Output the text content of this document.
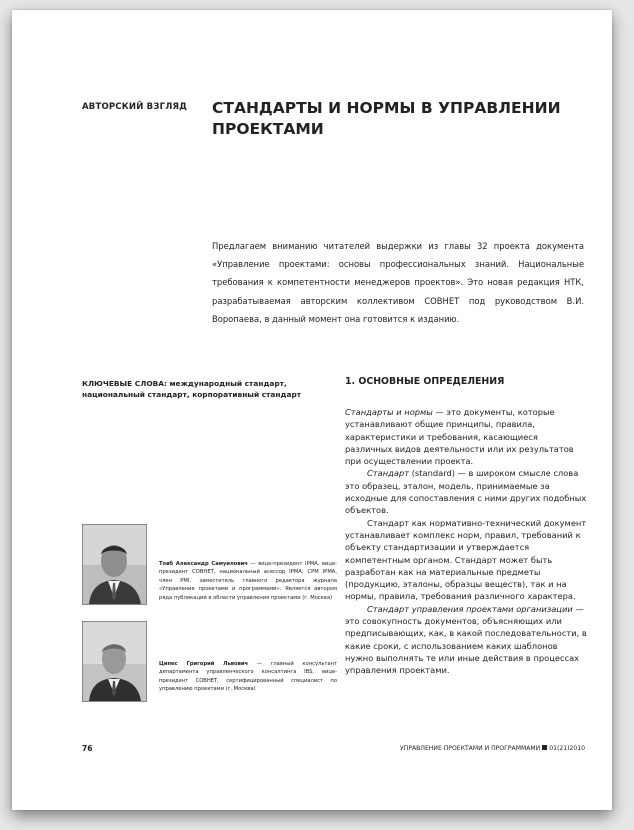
АВТОРСКИЙ ВЗГЛЯД СТАНДАРТЫ И НОРМЫ В УПРАВЛЕНИИ
ПРОЕКТАМИ
Предлагаем вниманию читателей выдержки из главы 32 проекта документа «Управление проектами: основы профессиональных знаний. Национальные требования к компетентности менеджеров проектов». Это новая редакция НТК, разрабатываемая авторским коллективом СОВНЕТ под руководством В.И. Воропаева, в данный момент она готовится к изданию.
КЛЮЧЕВЫЕ СЛОВА: международный стандарт, национальный стандарт, корпоративный стандарт
Товб Александр Самуилович — вице-президент IPMA, вице-президент СОВНЕТ, национальный асессор IPMA, CPM IPMA, член PMI, заместитель главного редактора журнала «Управление проектами и программами». Является автором ряда публикаций в области управления проектами (г. Москва)
Ципес Григорий Львович — главный консультант департамента управленческого консалтинга IBS, вице-президент СОВНЕТ, сертифицированный специалист по управлению проектами (г. Москва)
1. ОСНОВНЫЕ ОПРЕДЕЛЕНИЯ

Стандарты и нормы — это документы, которые устанавливают общие принципы, правила, характеристики и требования, касающиеся различных видов деятельности или их результатов при осуществлении проекта.

Стандарт (standard) — в широком смысле слова это образец, эталон, модель, принимаемые за исходные для сопоставления с ними других подобных объектов.

Стандарт как нормативно-технический документ устанавливает комплекс норм, правил, требований к объекту стандартизации и утверждается компетентным органом. Стандарт может быть разработан как на материальные предметы (продукцию, эталоны, образцы веществ), так и на нормы, правила, требования различного характера.

Стандарт управления проектами организации — это совокупность документов, объясняющих или предписывающих, как, в какой последовательности, в какие сроки, с использованием каких шаблонов нужно выполнять те или иные действия в процессах управления проектами.

76	УПРАВЛЕНИЕ ПРОЕКТАМИ И ПРОГРАММАМИ 01(21)2010
